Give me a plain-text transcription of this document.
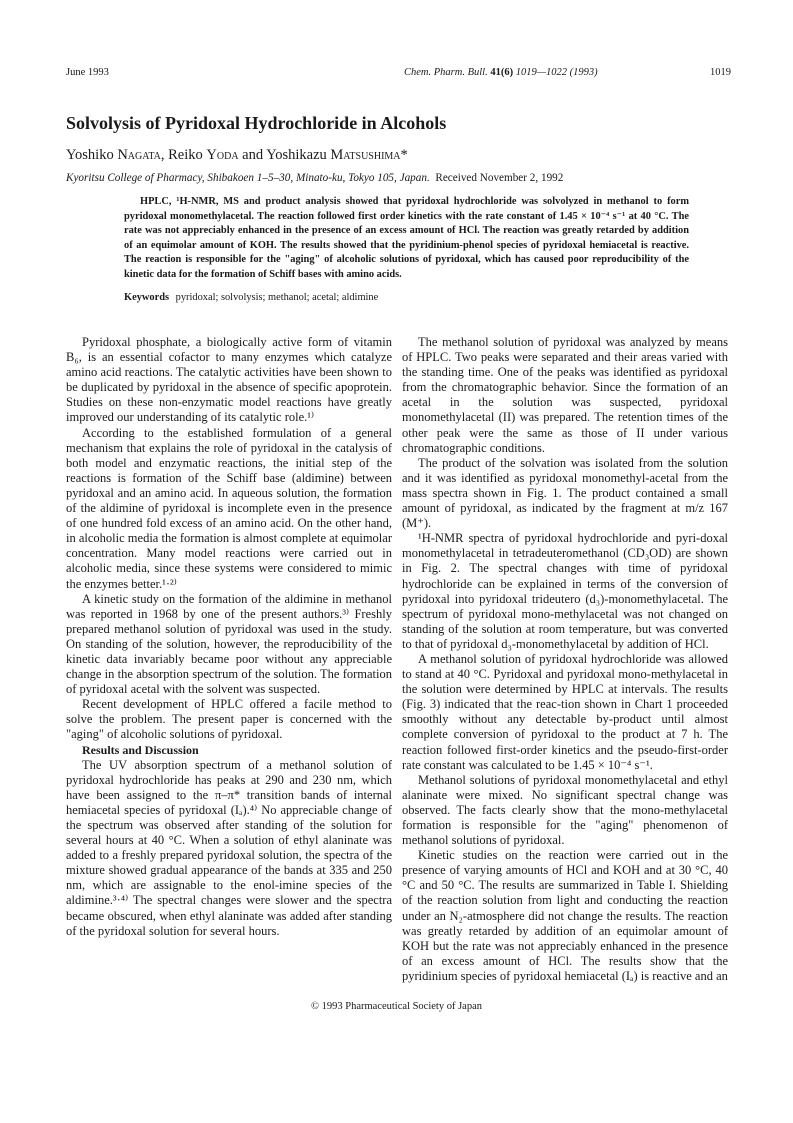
June 1993	Chem. Pharm. Bull. 41(6) 1019—1022 (1993)	1019
Solvolysis of Pyridoxal Hydrochloride in Alcohols
Yoshiko Nagata, Reiko Yoda and Yoshikazu Matsushima*
Kyoritsu College of Pharmacy, Shibakoen 1–5–30, Minato-ku, Tokyo 105, Japan. Received November 2, 1992
HPLC, ¹H-NMR, MS and product analysis showed that pyridoxal hydrochloride was solvolyzed in methanol to form pyridoxal monomethylacetal. The reaction followed first order kinetics with the rate constant of 1.45 × 10⁻⁴ s⁻¹ at 40 °C. The rate was not appreciably enhanced in the presence of an excess amount of HCl. The reaction was greatly retarded by addition of an equimolar amount of KOH. The results showed that the pyridinium-phenol species of pyridoxal hemiacetal is reactive. The reaction is responsible for the "aging" of alcoholic solutions of pyridoxal, which has caused poor reproducibility of the kinetic data for the formation of Schiff bases with amino acids.
Keywords pyridoxal; solvolysis; methanol; acetal; aldimine

Pyridoxal phosphate, a biologically active form of vitamin B₆, is an essential cofactor to many enzymes which catalyze amino acid reactions. The catalytic activities have been shown to be duplicated by pyridoxal in the absence of specific apoprotein. Studies on these non-enzymatic model reactions have greatly improved our understanding of its catalytic role.¹⁾

According to the established formulation of a general mechanism that explains the role of pyridoxal in the catalysis of both model and enzymatic reactions, the initial step of the reactions is formation of the Schiff base (aldimine) between pyridoxal and an amino acid. In aqueous solution, the formation of the aldimine of pyridoxal is incomplete even in the presence of one hundred fold excess of an amino acid. On the other hand, in alcoholic media the formation is almost complete at equimolar concentration. Many model reactions were carried out in alcoholic media, since these systems were considered to mimic the enzymes better.¹·²⁾

A kinetic study on the formation of the aldimine in methanol was reported in 1968 by one of the present authors.³⁾ Freshly prepared methanol solution of pyridoxal was used in the study. On standing of the solution, however, the reproducibility of the kinetic data invariably became poor without any appreciable change in the absorption spectrum of the solution. The formation of pyridoxal acetal with the solvent was suspected.

Recent development of HPLC offered a facile method to solve the problem. The present paper is concerned with the "aging" of alcoholic solutions of pyridoxal.

Results and Discussion

The UV absorption spectrum of a methanol solution of pyridoxal hydrochloride has peaks at 290 and 230 nm, which have been assigned to the π–π* transition bands of internal hemiacetal species of pyridoxal (Iₐ).⁴⁾ No appreciable change of the spectrum was observed after standing of the solution for several hours at 40 °C. When a solution of ethyl alaninate was added to a freshly prepared pyridoxal solution, the spectra of the mixture showed gradual appearance of the bands at 335 and 250 nm, which are assignable to the enol-imine species of the aldimine.³·⁴⁾ The spectral changes were slower and the spectra became obscured, when ethyl alaninate was added after standing of the pyridoxal solution for several hours.

The methanol solution of pyridoxal was analyzed by means of HPLC. Two peaks were separated and their areas varied with the standing time. One of the peaks was identified as pyridoxal from the chromatographic behavior. Since the formation of an acetal in the solution was suspected, pyridoxal monomethylacetal (II) was prepared. The retention times of the other peak were the same as those of II under various chromatographic conditions.

The product of the solvation was isolated from the solution and it was identified as pyridoxal monomethyl-acetal from the mass spectra shown in Fig. 1. The product contained a small amount of pyridoxal, as indicated by the fragment at m/z 167 (M⁺).

¹H-NMR spectra of pyridoxal hydrochloride and pyri-doxal monomethylacetal in tetradeuteromethanol (CD₃OD) are shown in Fig. 2. The spectral changes with time of pyridoxal hydrochloride can be explained in terms of the conversion of pyridoxal into pyridoxal trideutero (d₃)-monomethylacetal. The spectrum of pyridoxal mono-methylacetal was not changed on standing of the solution at room temperature, but was converted to that of pyridoxal d₃-monomethylacetal by addition of HCl.

A methanol solution of pyridoxal hydrochloride was allowed to stand at 40 °C. Pyridoxal and pyridoxal mono-methylacetal in the solution were determined by HPLC at intervals. The results (Fig. 3) indicated that the reac-tion shown in Chart 1 proceeded smoothly without any detectable by-product until almost complete conversion of pyridoxal to the product at 7 h. The reaction followed first-order kinetics and the pseudo-first-order rate constant was calculated to be 1.45 × 10⁻⁴ s⁻¹.

Methanol solutions of pyridoxal monomethylacetal and ethyl alaninate were mixed. No significant spectral change was observed. The facts clearly show that the mono-methylacetal formation is responsible for the "aging" phenomenon of methanol solutions of pyridoxal.

Kinetic studies on the reaction were carried out in the presence of varying amounts of HCl and KOH and at 30 °C, 40 °C and 50 °C. The results are summarized in Table I. Shielding of the reaction solution from light and conducting the reaction under an N₂-atmosphere did not change the results. The reaction was greatly retarded by addition of an equimolar amount of KOH but the rate was not appreciably enhanced in the presence of an excess amount of HCl. The results show that the pyridinium species of pyridoxal hemiacetal (Iₐ) is reactive and an

© 1993 Pharmaceutical Society of Japan
